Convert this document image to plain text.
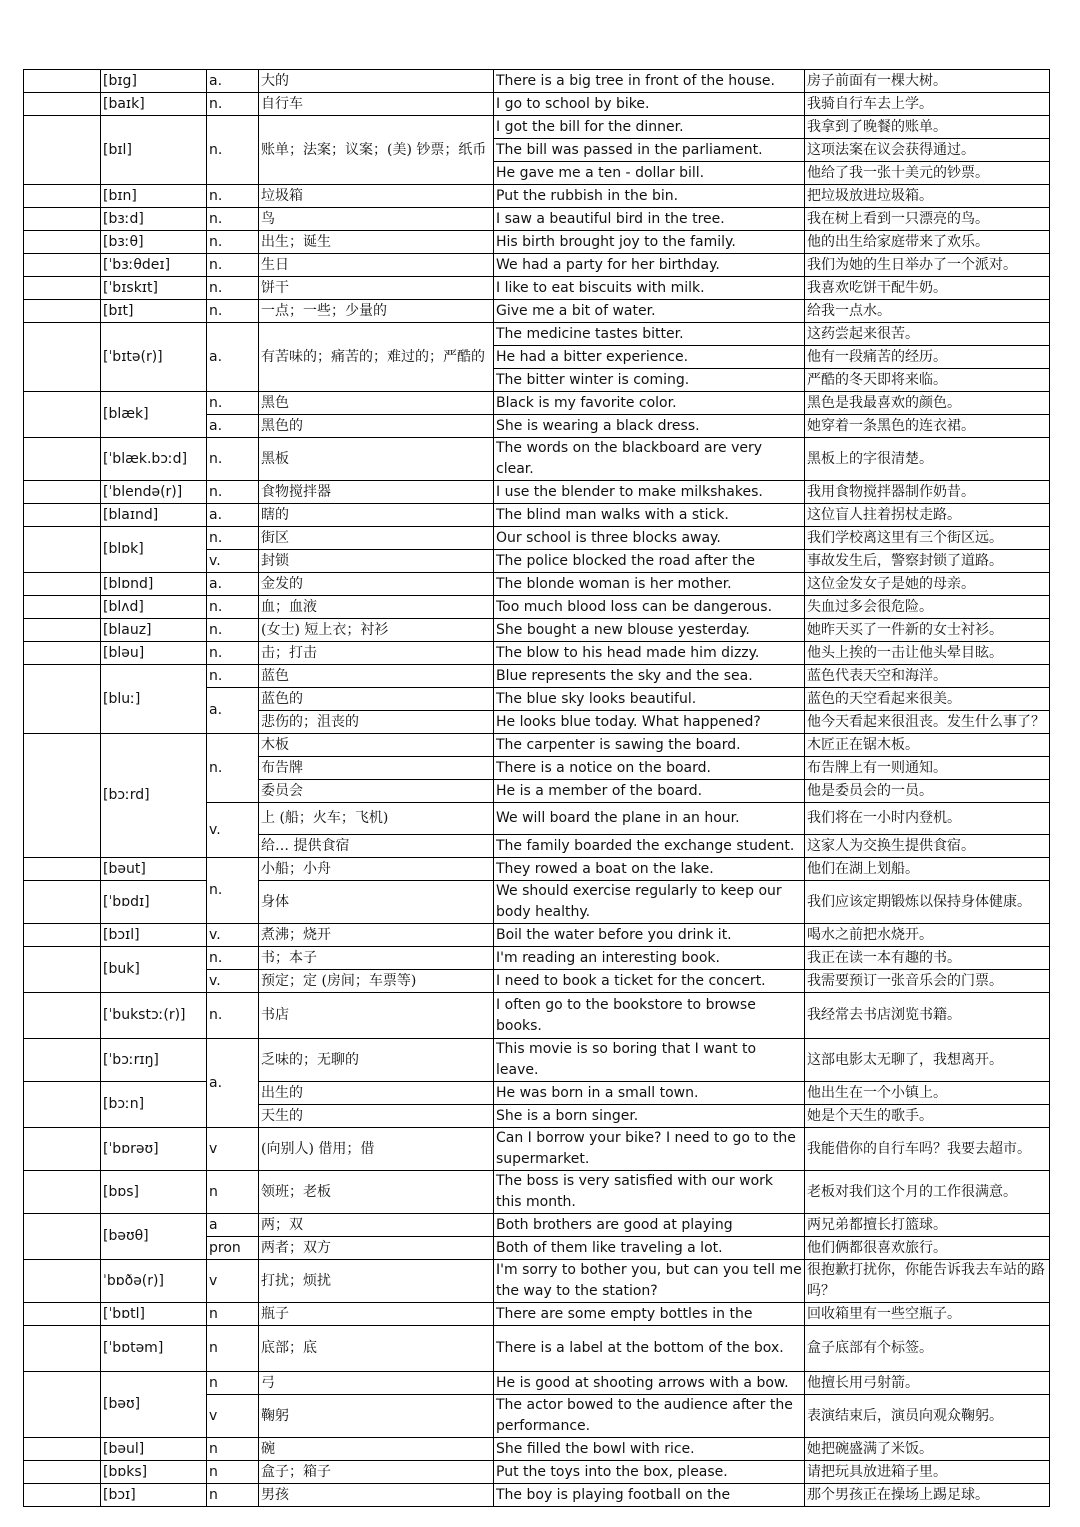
	[bɪg]	a.	大的	There is a big tree in front of the house.	房子前面有一棵大树。
	[baɪk]	n.	自行车	I go to school by bike.	我骑自行车去上学。
	[bɪl]	n.	账单；法案；议案；(美) 钞票；纸币	I got the bill for the dinner.	我拿到了晚餐的账单。
				The bill was passed in the parliament.	这项法案在议会获得通过。
				He gave me a ten - dollar bill.	他给了我一张十美元的钞票。
	[bɪn]	n.	垃圾箱	Put the rubbish in the bin.	把垃圾放进垃圾箱。
	[bɜːd]	n.	鸟	I saw a beautiful bird in the tree.	我在树上看到一只漂亮的鸟。
	[bɜːθ]	n.	出生；诞生	His birth brought joy to the family.	他的出生给家庭带来了欢乐。
	[ˈbɜːθdeɪ]	n.	生日	We had a party for her birthday.	我们为她的生日举办了一个派对。
	[ˈbɪskɪt]	n.	饼干	I like to eat biscuits with milk.	我喜欢吃饼干配牛奶。
	[bɪt]	n.	一点；一些；少量的	Give me a bit of water.	给我一点水。
	[ˈbɪtə(r)]	a.	有苦味的；痛苦的；难过的；严酷的	The medicine tastes bitter.	这药尝起来很苦。
				He had a bitter experience.	他有一段痛苦的经历。
				The bitter winter is coming.	严酷的冬天即将来临。
	[blæk]	n.	黑色	Black is my favorite color.	黑色是我最喜欢的颜色。
		a.	黑色的	She is wearing a black dress.	她穿着一条黑色的连衣裙。
	[ˈblæk.bɔːd]	n.	黑板	The words on the blackboard are very clear.	黑板上的字很清楚。
	[ˈblendə(r)]	n.	食物搅拌器	I use the blender to make milkshakes.	我用食物搅拌器制作奶昔。
	[blaɪnd]	a.	瞎的	The blind man walks with a stick.	这位盲人拄着拐杖走路。
	[blɒk]	n.	街区	Our school is three blocks away.	我们学校离这里有三个街区远。
		v.	封锁	The police blocked the road after the	事故发生后，警察封锁了道路。
	[blɒnd]	a.	金发的	The blonde woman is her mother.	这位金发女子是她的母亲。
	[blʌd]	n.	血；血液	Too much blood loss can be dangerous.	失血过多会很危险。
	[blauz]	n.	(女士) 短上衣；衬衫	She bought a new blouse yesterday.	她昨天买了一件新的女士衬衫。
	[bləu]	n.	击；打击	The blow to his head made him dizzy.	他头上挨的一击让他头晕目眩。
	[bluː]	n.	蓝色	Blue represents the sky and the sea.	蓝色代表天空和海洋。
		a.	蓝色的	The blue sky looks beautiful.	蓝色的天空看起来很美。
			悲伤的；沮丧的	He looks blue today. What happened?	他今天看起来很沮丧。发生什么事了？
	[bɔːrd]	n.	木板	The carpenter is sawing the board.	木匠正在锯木板。
			布告牌	There is a notice on the board.	布告牌上有一则通知。
			委员会	He is a member of the board.	他是委员会的一员。
		v.	上 (船；火车；飞机)	We will board the plane in an hour.	我们将在一小时内登机。
			给… 提供食宿	The family boarded the exchange student.	这家人为交换生提供食宿。
	[bəut]	n.	小船；小舟	They rowed a boat on the lake.	他们在湖上划船。
	[ˈbɒdɪ]		身体	We should exercise regularly to keep our body healthy.	我们应该定期锻炼以保持身体健康。
	[bɔɪl]	v.	煮沸；烧开	Boil the water before you drink it.	喝水之前把水烧开。
	[buk]	n.	书；本子	I'm reading an interesting book.	我正在读一本有趣的书。
		v.	预定；定 (房间；车票等)	I need to book a ticket for the concert.	我需要预订一张音乐会的门票。
	[ˈbukstɔː(r)]	n.	书店	I often go to the bookstore to browse books.	我经常去书店浏览书籍。
	[ˈbɔːrɪŋ]	a.	乏味的；无聊的	This movie is so boring that I want to leave.	这部电影太无聊了，我想离开。
	[bɔːn]		出生的	He was born in a small town.	他出生在一个小镇上。
			天生的	She is a born singer.	她是个天生的歌手。
	[ˈbɒrəʊ]	v	(向别人) 借用；借	Can I borrow your bike? I need to go to the supermarket.	我能借你的自行车吗？我要去超市。
	[bɒs]	n	领班；老板	The boss is very satisfied with our work this month.	老板对我们这个月的工作很满意。
	[bəʊθ]	a	两；双	Both brothers are good at playing	两兄弟都擅长打篮球。
		pron	两者；双方	Both of them like traveling a lot.	他们俩都很喜欢旅行。
	ˈbɒðə(r)]	v	打扰；烦扰	I'm sorry to bother you, but can you tell me the way to the station?	很抱歉打扰你，你能告诉我去车站的路吗？
	[ˈbɒtl]	n	瓶子	There are some empty bottles in the	回收箱里有一些空瓶子。
	[ˈbɒtəm]	n	底部；底	There is a label at the bottom of the box.	盒子底部有个标签。
	[bəʊ]	n	弓	He is good at shooting arrows with a bow.	他擅长用弓射箭。
		v	鞠躬	The actor bowed to the audience after the performance.	表演结束后，演员向观众鞠躬。
	[bəul]	n	碗	She filled the bowl with rice.	她把碗盛满了米饭。
	[bɒks]	n	盒子；箱子	Put the toys into the box, please.	请把玩具放进箱子里。
	[bɔɪ]	n	男孩	The boy is playing football on the	那个男孩正在操场上踢足球。
